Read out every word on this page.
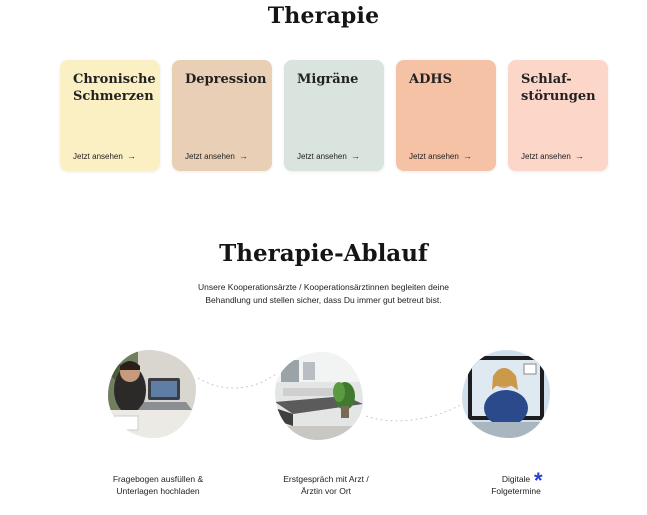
Therapie
Chronische
Schmerzen
Jetzt ansehen →
Depression
Jetzt ansehen →
Migräne
Jetzt ansehen →
ADHS
Jetzt ansehen →
Schlaf-
störungen
Jetzt ansehen →
Therapie-Ablauf
Unsere Kooperationsärzte / Kooperationsärztinnen begleiten deine Behandlung und stellen sicher, dass Du immer gut betreut bist.
Fragebogen ausfüllen &
Unterlagen hochladen
Erstgespräch mit Arzt /
Ärztin vor Ort
Digitale
Folgetermine
*
